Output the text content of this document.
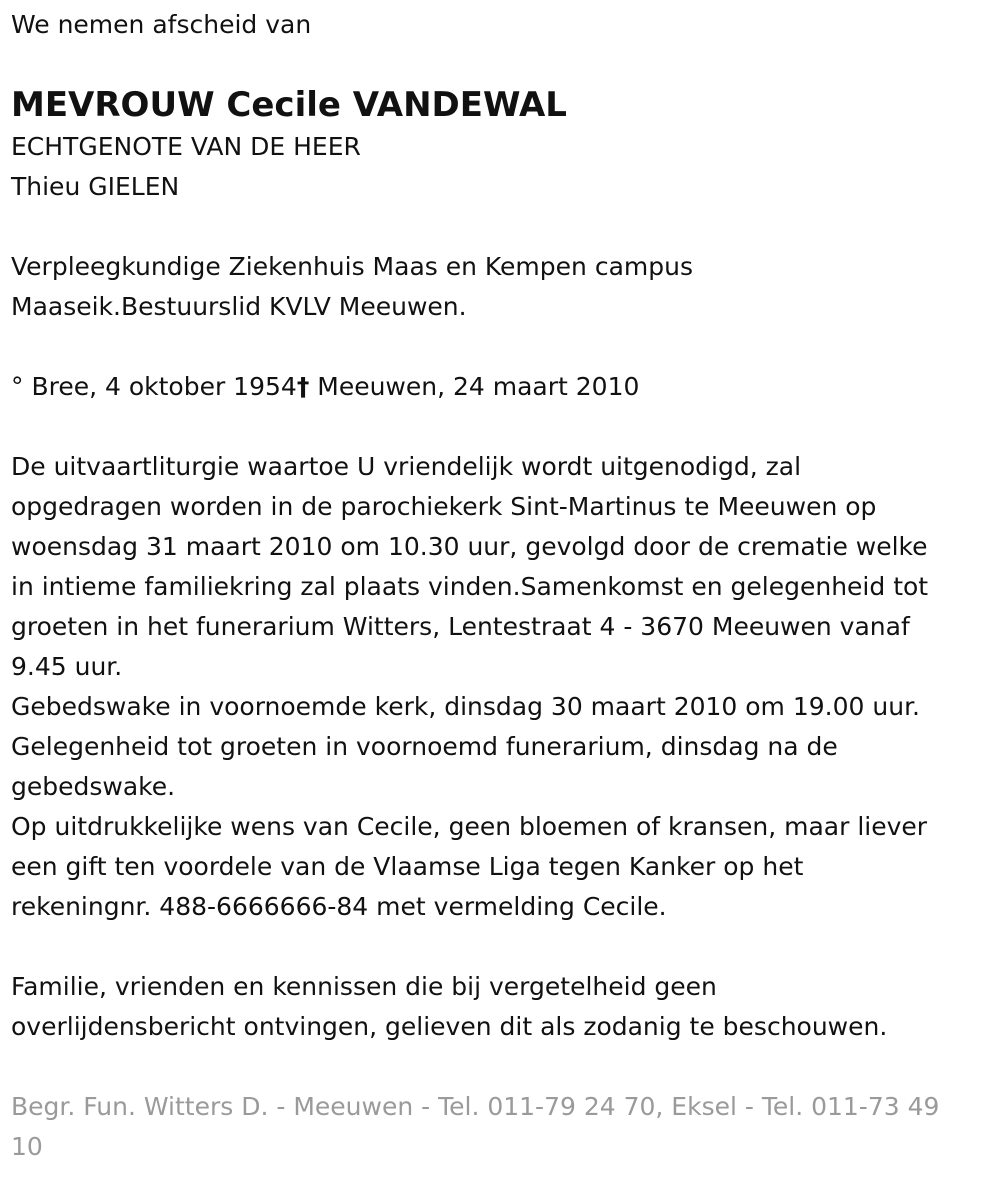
We nemen afscheid van

MEVROUW Cecile VANDEWAL

ECHTGENOTE VAN DE HEER

Thieu GIELEN

Verpleegkundige Ziekenhuis Maas en Kempen campus

Maaseik.Bestuurslid KVLV Meeuwen.

° Bree, 4 oktober 1954† Meeuwen, 24 maart 2010

De uitvaartliturgie waartoe U vriendelijk wordt uitgenodigd, zal

opgedragen worden in de parochiekerk Sint-Martinus te Meeuwen op

woensdag 31 maart 2010 om 10.30 uur, gevolgd door de crematie welke

in intieme familiekring zal plaats vinden.Samenkomst en gelegenheid tot

groeten in het funerarium Witters, Lentestraat 4 - 3670 Meeuwen vanaf

9.45 uur.

Gebedswake in voornoemde kerk, dinsdag 30 maart 2010 om 19.00 uur.

Gelegenheid tot groeten in voornoemd funerarium, dinsdag na de

gebedswake.

Op uitdrukkelijke wens van Cecile, geen bloemen of kransen, maar liever

een gift ten voordele van de Vlaamse Liga tegen Kanker op het

rekeningnr. 488-6666666-84 met vermelding Cecile.

Familie, vrienden en kennissen die bij vergetelheid geen

overlijdensbericht ontvingen, gelieven dit als zodanig te beschouwen.

Begr. Fun. Witters D. - Meeuwen - Tel. 011-79 24 70, Eksel - Tel. 011-73 49

10
